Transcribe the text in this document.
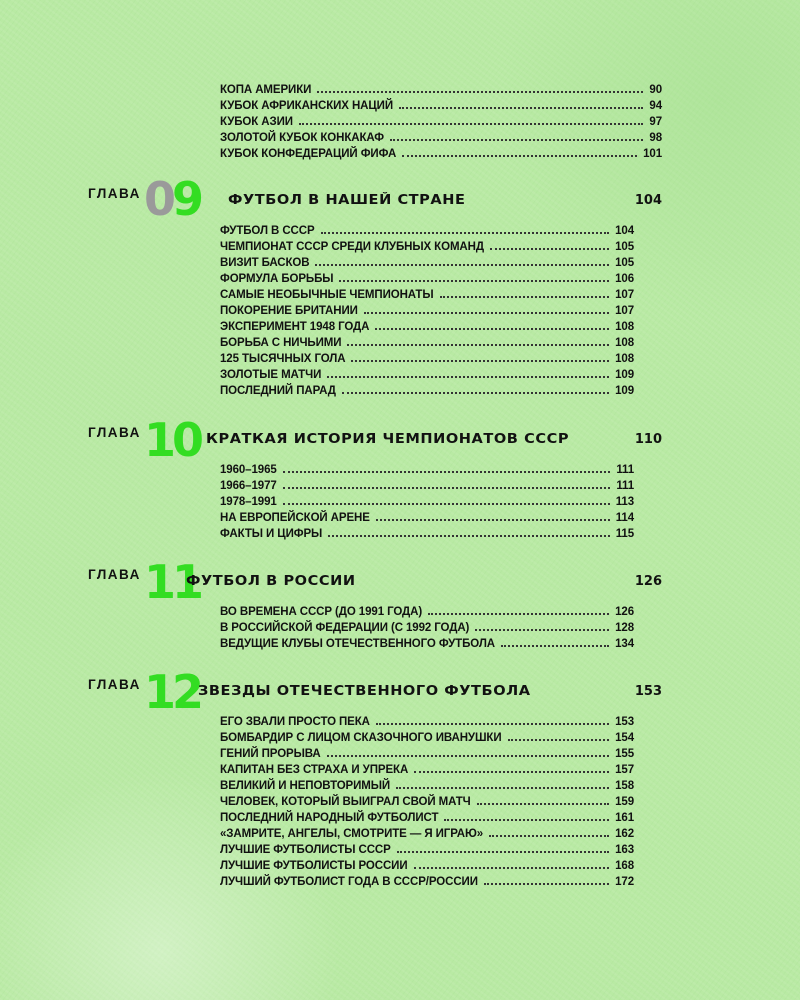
КОПА АМЕРИКИ	90
КУБОК АФРИКАНСКИХ НАЦИЙ	94
КУБОК АЗИИ	97
ЗОЛОТОЙ КУБОК КОНКАКАФ	98
КУБОК КОНФЕДЕРАЦИЙ ФИФА	101
ГЛАВА 09 ФУТБОЛ В НАШЕЙ СТРАНЕ	104
ФУТБОЛ В СССР	104
ЧЕМПИОНАТ СССР СРЕДИ КЛУБНЫХ КОМАНД	105
ВИЗИТ БАСКОВ	105
ФОРМУЛА БОРЬБЫ	106
САМЫЕ НЕОБЫЧНЫЕ ЧЕМПИОНАТЫ	107
ПОКОРЕНИЕ БРИТАНИИ	107
ЭКСПЕРИМЕНТ 1948 ГОДА	108
БОРЬБА С НИЧЬИМИ	108
125 ТЫСЯЧНЫХ ГОЛА	108
ЗОЛОТЫЕ МАТЧИ	109
ПОСЛЕДНИЙ ПАРАД	109
ГЛАВА 10 КРАТКАЯ ИСТОРИЯ ЧЕМПИОНАТОВ СССР	110
1960–1965	111
1966–1977	111
1978–1991	113
НА ЕВРОПЕЙСКОЙ АРЕНЕ	114
ФАКТЫ И ЦИФРЫ	115
ГЛАВА 11
ФУТБОЛ В РОССИИ	126
ВО ВРЕМЕНА СССР (ДО 1991 ГОДА)	126
В РОССИЙСКОЙ ФЕДЕРАЦИИ (С 1992 ГОДА)	128
ВЕДУЩИЕ КЛУБЫ ОТЕЧЕСТВЕННОГО ФУТБОЛА	134
ГЛАВА 12
ЗВЕЗДЫ ОТЕЧЕСТВЕННОГО ФУТБОЛА	153
ЕГО ЗВАЛИ ПРОСТО ПЕКА	153
БОМБАРДИР С ЛИЦОМ СКАЗОЧНОГО ИВАНУШКИ	154
ГЕНИЙ ПРОРЫВА	155
КАПИТАН БЕЗ СТРАХА И УПРЕКА	157
ВЕЛИКИЙ И НЕПОВТОРИМЫЙ	158
ЧЕЛОВЕК, КОТОРЫЙ ВЫИГРАЛ СВОЙ МАТЧ	159
ПОСЛЕДНИЙ НАРОДНЫЙ ФУТБОЛИСТ	161
«ЗАМРИТЕ, АНГЕЛЫ, СМОТРИТЕ — Я ИГРАЮ»	162
ЛУЧШИЕ ФУТБОЛИСТЫ СССР	163
ЛУЧШИЕ ФУТБОЛИСТЫ РОССИИ	168
ЛУЧШИЙ ФУТБОЛИСТ ГОДА В СССР/РОССИИ	172
